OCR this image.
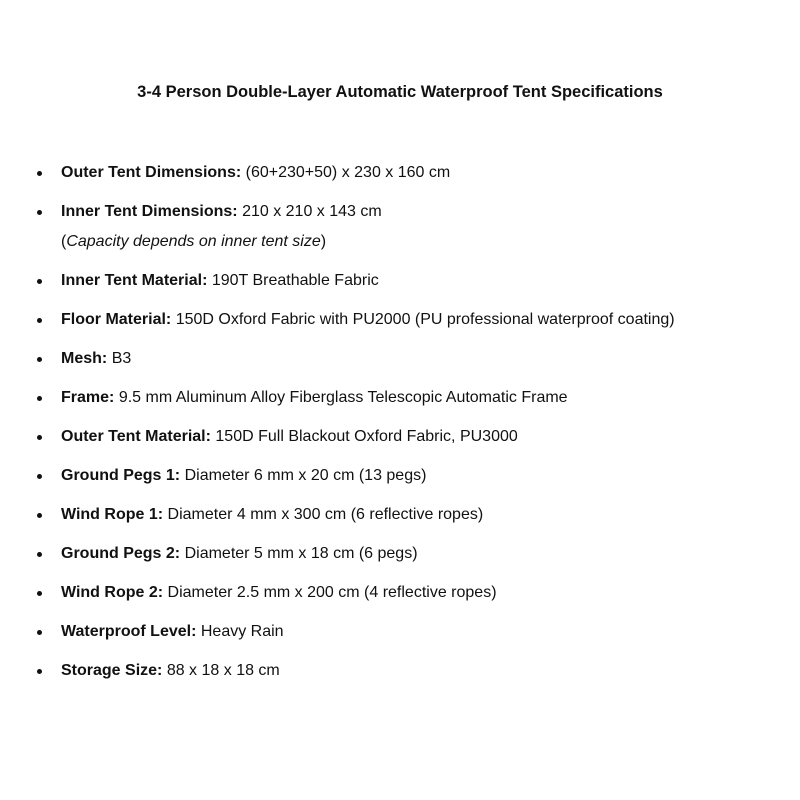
3-4 Person Double-Layer Automatic Waterproof Tent Specifications
Outer Tent Dimensions: (60+230+50) x 230 x 160 cm
Inner Tent Dimensions: 210 x 210 x 143 cm
(Capacity depends on inner tent size)
Inner Tent Material: 190T Breathable Fabric
Floor Material: 150D Oxford Fabric with PU2000 (PU professional waterproof coating)
Mesh: B3
Frame: 9.5 mm Aluminum Alloy Fiberglass Telescopic Automatic Frame
Outer Tent Material: 150D Full Blackout Oxford Fabric, PU3000
Ground Pegs 1: Diameter 6 mm x 20 cm (13 pegs)
Wind Rope 1: Diameter 4 mm x 300 cm (6 reflective ropes)
Ground Pegs 2: Diameter 5 mm x 18 cm (6 pegs)
Wind Rope 2: Diameter 2.5 mm x 200 cm (4 reflective ropes)
Waterproof Level: Heavy Rain
Storage Size: 88 x 18 x 18 cm
